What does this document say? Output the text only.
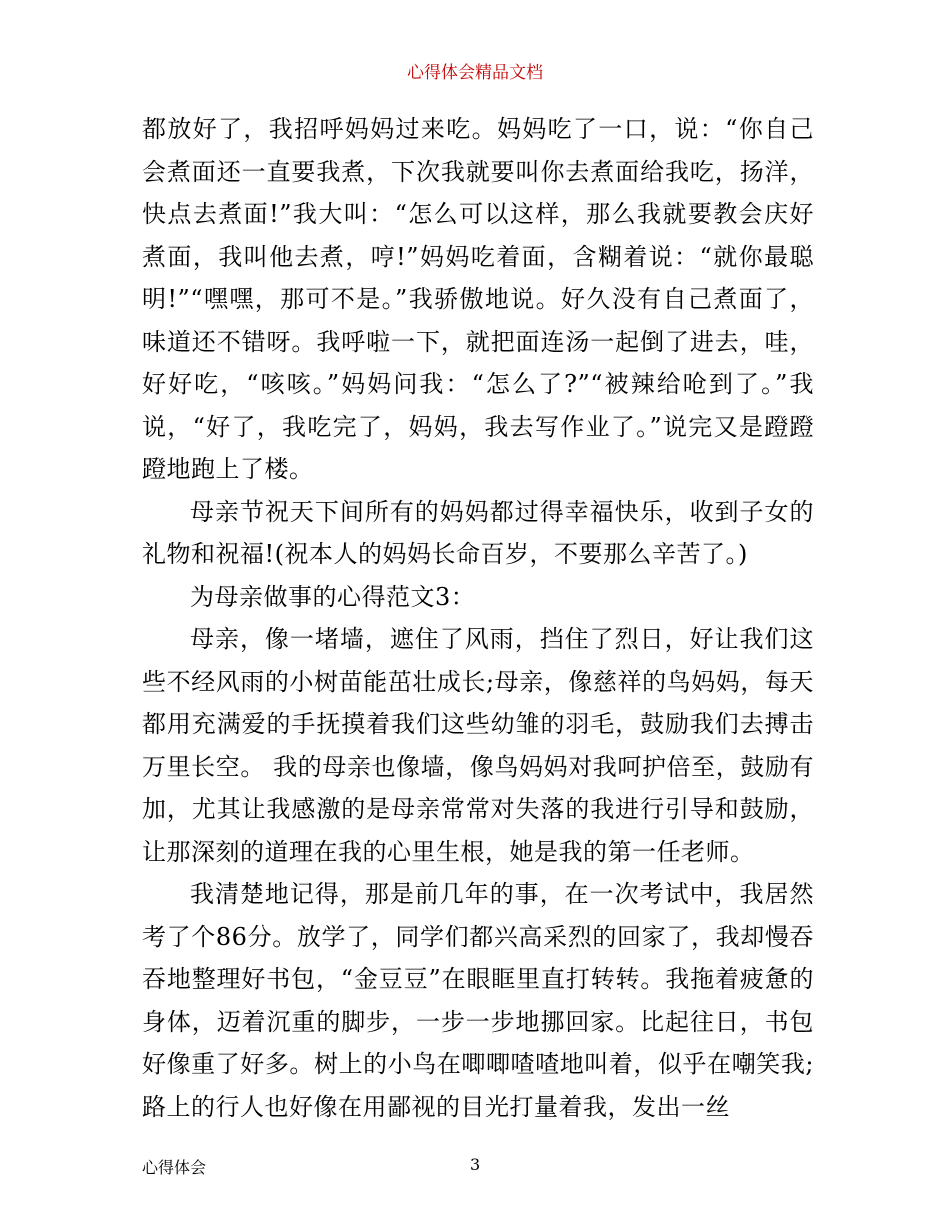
心得体会精品文档

都放好了，我招呼妈妈过来吃。妈妈吃了一口，说：“你自己会煮面还一直要我煮，下次我就要叫你去煮面给我吃，扬洋，快点去煮面!”我大叫：“怎么可以这样，那么我就要教会庆好煮面，我叫他去煮，哼!”妈妈吃着面，含糊着说：“就你最聪明!”“嘿嘿，那可不是。”我骄傲地说。好久没有自己煮面了，味道还不错呀。我呼啦一下，就把面连汤一起倒了进去，哇，好好吃，“咳咳。”妈妈问我：“怎么了?”“被辣给呛到了。”我说，“好了，我吃完了，妈妈，我去写作业了。”说完又是蹬蹬蹬地跑上了楼。

母亲节祝天下间所有的妈妈都过得幸福快乐，收到子女的礼物和祝福!(祝本人的妈妈长命百岁，不要那么辛苦了。)

为母亲做事的心得范文3：

母亲，像一堵墙，遮住了风雨，挡住了烈日，好让我们这些不经风雨的小树苗能茁壮成长;母亲，像慈祥的鸟妈妈，每天都用充满爱的手抚摸着我们这些幼雏的羽毛，鼓励我们去搏击万里长空。 我的母亲也像墙，像鸟妈妈对我呵护倍至，鼓励有加，尤其让我感激的是母亲常常对失落的我进行引导和鼓励，让那深刻的道理在我的心里生根，她是我的第一任老师。

我清楚地记得，那是前几年的事，在一次考试中，我居然考了个86分。放学了，同学们都兴高采烈的回家了，我却慢吞吞地整理好书包，“金豆豆”在眼眶里直打转转。我拖着疲惫的身体，迈着沉重的脚步，一步一步地挪回家。比起往日，书包好像重了好多。树上的小鸟在唧唧喳喳地叫着，似乎在嘲笑我;路上的行人也好像在用鄙视的目光打量着我，发出一丝

心得体会	3
